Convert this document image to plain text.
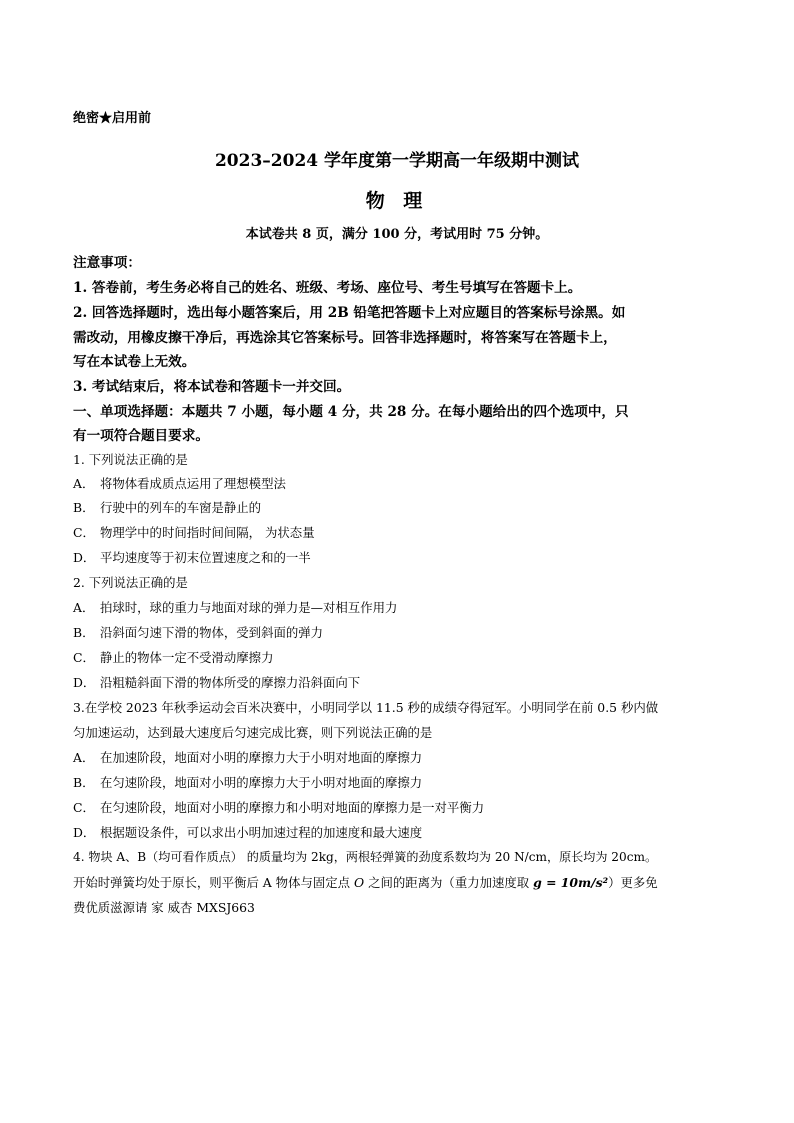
绝密★启用前
2023–2024 学年度第一学期高一年级期中测试
物 理
本试卷共 8 页，满分 100 分，考试用时 75 分钟。
注意事项：
1. 答卷前，考生务必将自己的姓名、班级、考场、座位号、考生号填写在答题卡上。
2. 回答选择题时，选出每小题答案后，用 2B 铅笔把答题卡上对应题目的答案标号涂黑。如
需改动，用橡皮擦干净后，再选涂其它答案标号。回答非选择题时，将答案写在答题卡上，
写在本试卷上无效。
3. 考试结束后，将本试卷和答题卡一并交回。
一、单项选择题：本题共 7 小题，每小题 4 分，共 28 分。在每小题给出的四个选项中，只
有一项符合题目要求。
1. 下列说法正确的是
A． 将物体看成质点运用了理想模型法
B． 行驶中的列车的车窗是静止的
C． 物理学中的时间指时间间隔， 为状态量
D． 平均速度等于初末位置速度之和的一半
2. 下列说法正确的是
A． 拍球时，球的重力与地面对球的弹力是—对相互作用力
B． 沿斜面匀速下滑的物体，受到斜面的弹力
C． 静止的物体一定不受滑动摩擦力
D． 沿粗糙斜面下滑的物体所受的摩擦力沿斜面向下
3.在学校 2023 年秋季运动会百米决赛中，小明同学以 11.5 秒的成绩夺得冠军。小明同学在前 0.5 秒内做
匀加速运动，达到最大速度后匀速完成比赛，则下列说法正确的是
A． 在加速阶段，地面对小明的摩擦力大于小明对地面的摩擦力
B． 在匀速阶段，地面对小明的摩擦力大于小明对地面的摩擦力
C． 在匀速阶段，地面对小明的摩擦力和小明对地面的摩擦力是一对平衡力
D． 根据题设条件，可以求出小明加速过程的加速度和最大速度
4. 物块 A、B（均可看作质点） 的质量均为 2kg，两根轻弹簧的劲度系数均为 20 N/cm，原长均为 20cm。
开始时弹簧均处于原长，则平衡后 A 物体与固定点 O 之间的距离为（重力加速度取 g = 10m/s²）更多免
费优质滋源请 家 威杏 MXSJ663
